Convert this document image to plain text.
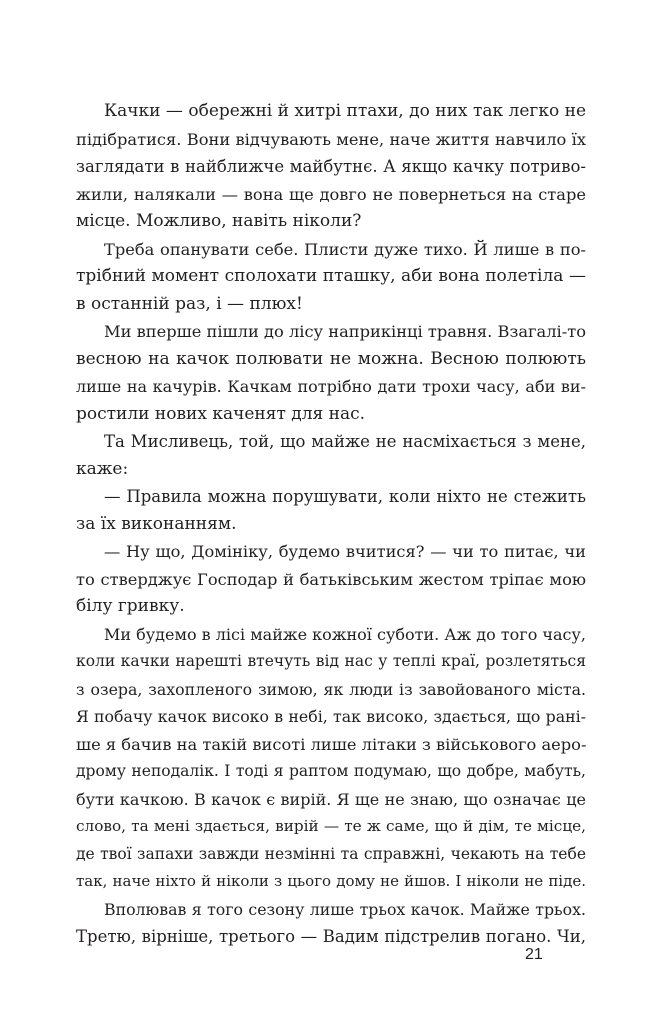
Качки — обережні й хитрі птахи, до них так легко не
підібратися. Вони відчувають мене, наче життя навчило їх
заглядати в найближче майбутнє. А якщо качку потриво-
жили, налякали — вона ще довго не повернеться на старе
місце. Можливо, навіть ніколи?
Треба опанувати себе. Плисти дуже тихо. Й лише в по-
трібний момент сполохати пташку, аби вона полетіла —
в останній раз, і — плюх!
Ми вперше пішли до лісу наприкінці травня. Взагалі-то
весною на качок полювати не можна. Весною полюють
лише на качурів. Качкам потрібно дати трохи часу, аби ви-
ростили нових каченят для нас.
Та Мисливець, той, що майже не насміхається з мене,
каже:
— Правила можна порушувати, коли ніхто не стежить
за їх виконанням.
— Ну що, Домініку, будемо вчитися? — чи то питає, чи
то стверджує Господар й батьківським жестом тріпає мою
білу гривку.
Ми будемо в лісі майже кожної суботи. Аж до того часу,
коли качки нарешті втечуть від нас у теплі краї, розлетяться
з озера, захопленого зимою, як люди із завойованого міста.
Я побачу качок високо в небі, так високо, здається, що рані-
ше я бачив на такій висоті лише літаки з військового аеро-
дрому неподалік. І тоді я раптом подумаю, що добре, мабуть,
бути качкою. В качок є вирій. Я ще не знаю, що означає це
слово, та мені здається, вирій — те ж саме, що й дім, те місце,
де твої запахи завжди незмінні та справжні, чекають на тебе
так, наче ніхто й ніколи з цього дому не йшов. І ніколи не піде.
Вполював я того сезону лише трьох качок. Майже трьох.
Третю, вірніше, третього — Вадим підстрелив погано. Чи,
21
